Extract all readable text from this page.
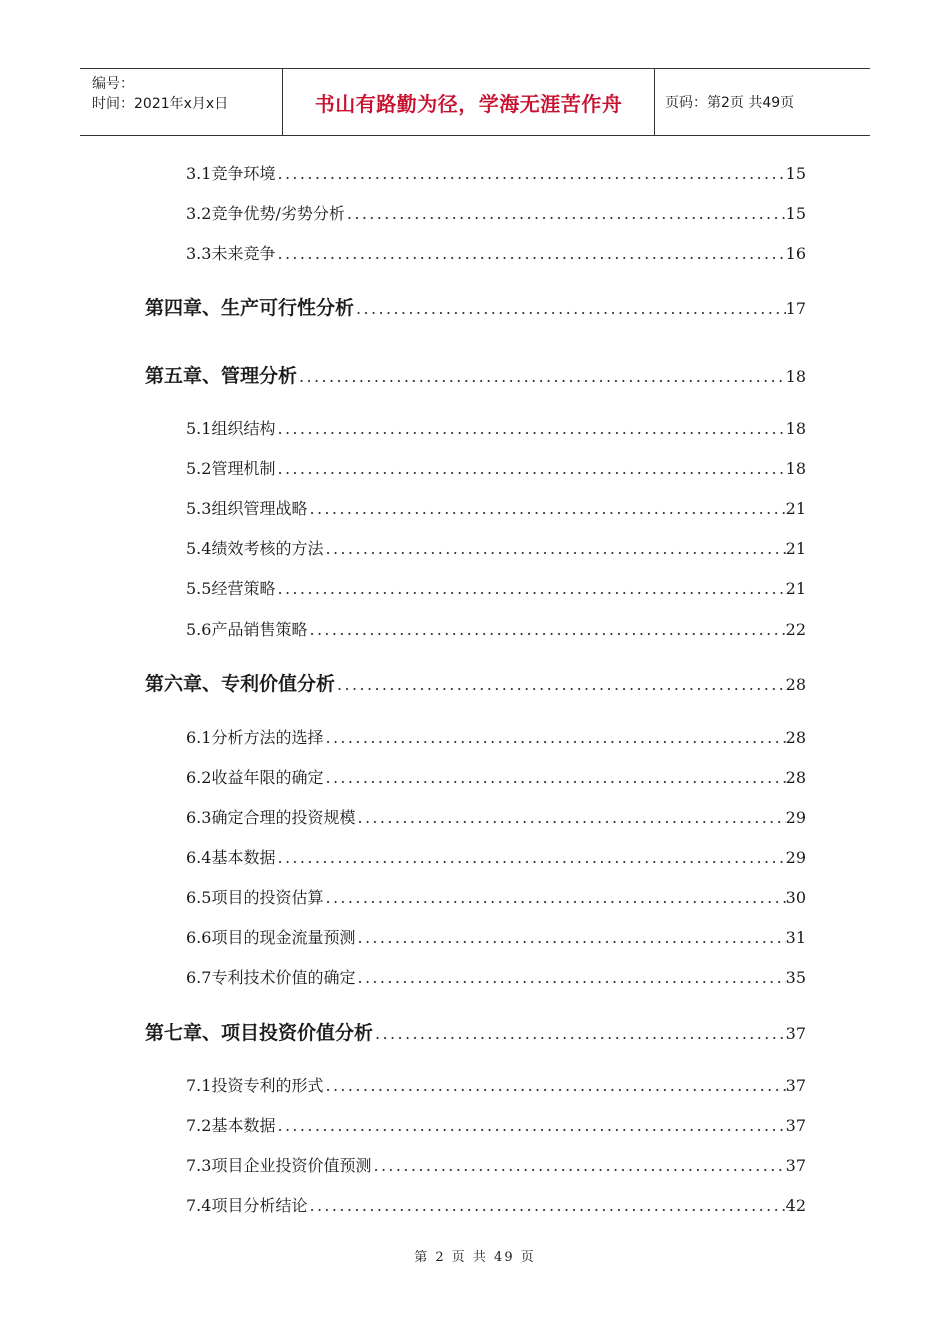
编号：
时间：2021年x月x日	书山有路勤为径，学海无涯苦作舟	页码：第2页 共49页
3.1竞争环境 .....	15
3.2竞争优势/劣势分析 .....	15
3.3未来竞争 .....	16
第四章、生产可行性分析 .....	17
第五章、管理分析 .....	18
5.1组织结构 .....	18
5.2管理机制 .....	18
5.3组织管理战略 .....	21
5.4绩效考核的方法 .....	21
5.5经营策略 .....	21
5.6产品销售策略 .....	22
第六章、专利价值分析 .....	28
6.1分析方法的选择 .....	28
6.2收益年限的确定 .....	28
6.3确定合理的投资规模 .....	29
6.4基本数据 .....	29
6.5项目的投资估算 .....	30
6.6项目的现金流量预测 .....	31
6.7专利技术价值的确定 .....	35
第七章、项目投资价值分析 .....	37
7.1投资专利的形式 .....	37
7.2基本数据 .....	37
7.3项目企业投资价值预测 .....	37
7.4项目分析结论 .....	42
第 2 页 共 49 页
